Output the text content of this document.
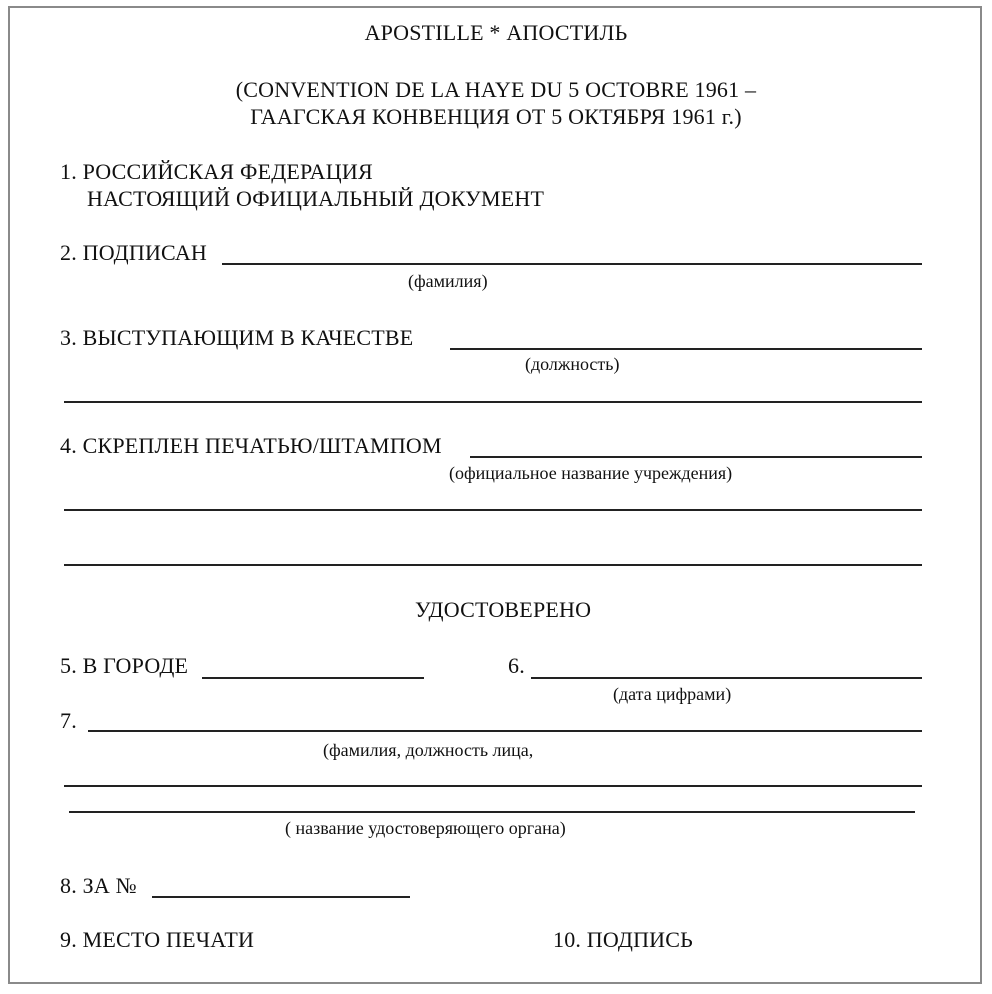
APOSTILLE * АПОСТИЛЬ
(CONVENTION DE LA HAYE DU 5 OCTOBRE 1961 –
ГААГСКАЯ КОНВЕНЦИЯ ОТ 5 ОКТЯБРЯ 1961 г.)
1. РОССИЙСКАЯ ФЕДЕРАЦИЯ
НАСТОЯЩИЙ ОФИЦИАЛЬНЫЙ ДОКУМЕНТ
2. ПОДПИСАН
(фамилия)
3. ВЫСТУПАЮЩИМ В КАЧЕСТВЕ
(должность)
4. СКРЕПЛЕН ПЕЧАТЬЮ/ШТАМПОМ
(официальное название учреждения)
УДОСТОВЕРЕНО
5. В ГОРОДЕ	6.
(дата цифрами)
7.
(фамилия, должность лица,
( название удостоверяющего органа)
8. ЗА №
9. МЕСТО ПЕЧАТИ	10. ПОДПИСЬ
